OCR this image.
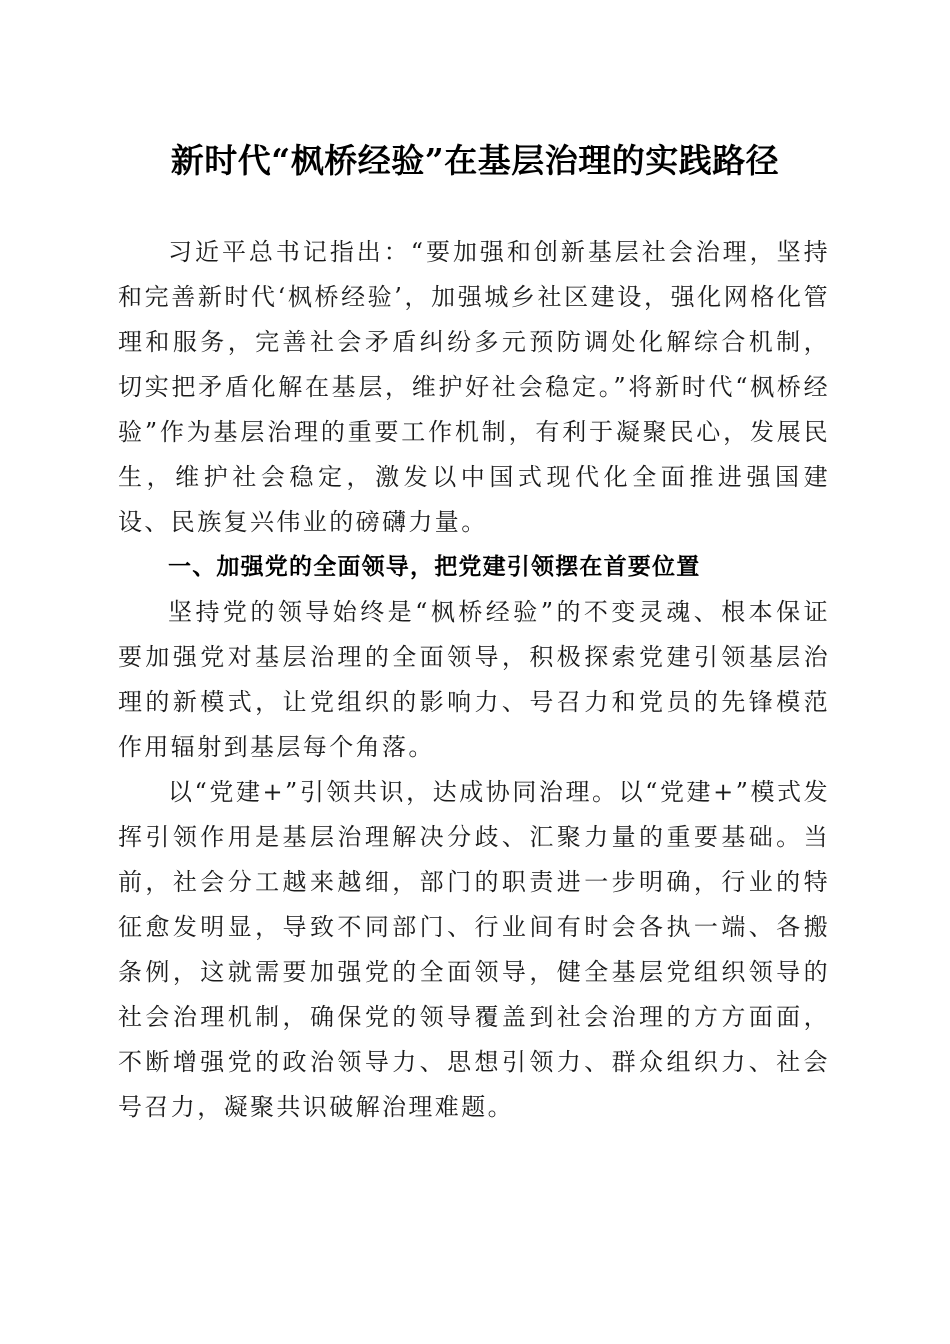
新时代“枫桥经验”在基层治理的实践路径

习近平总书记指出：“要加强和创新基层社会治理，坚持和完善新时代‘枫桥经验’，加强城乡社区建设，强化网格化管理和服务，完善社会矛盾纠纷多元预防调处化解综合机制，切实把矛盾化解在基层，维护好社会稳定。”将新时代“枫桥经验”作为基层治理的重要工作机制，有利于凝聚民心，发展民生，维护社会稳定，激发以中国式现代化全面推进强国建设、民族复兴伟业的磅礴力量。

一、加强党的全面领导，把党建引领摆在首要位置

坚持党的领导始终是“枫桥经验”的不变灵魂、根本保证要加强党对基层治理的全面领导，积极探索党建引领基层治理的新模式，让党组织的影响力、号召力和党员的先锋模范作用辐射到基层每个角落。

以“党建+”引领共识，达成协同治理。以“党建+”模式发挥引领作用是基层治理解决分歧、汇聚力量的重要基础。当前，社会分工越来越细，部门的职责进一步明确，行业的特征愈发明显，导致不同部门、行业间有时会各执一端、各搬条例，这就需要加强党的全面领导，健全基层党组织领导的社会治理机制，确保党的领导覆盖到社会治理的方方面面，不断增强党的政治领导力、思想引领力、群众组织力、社会号召力，凝聚共识破解治理难题。
